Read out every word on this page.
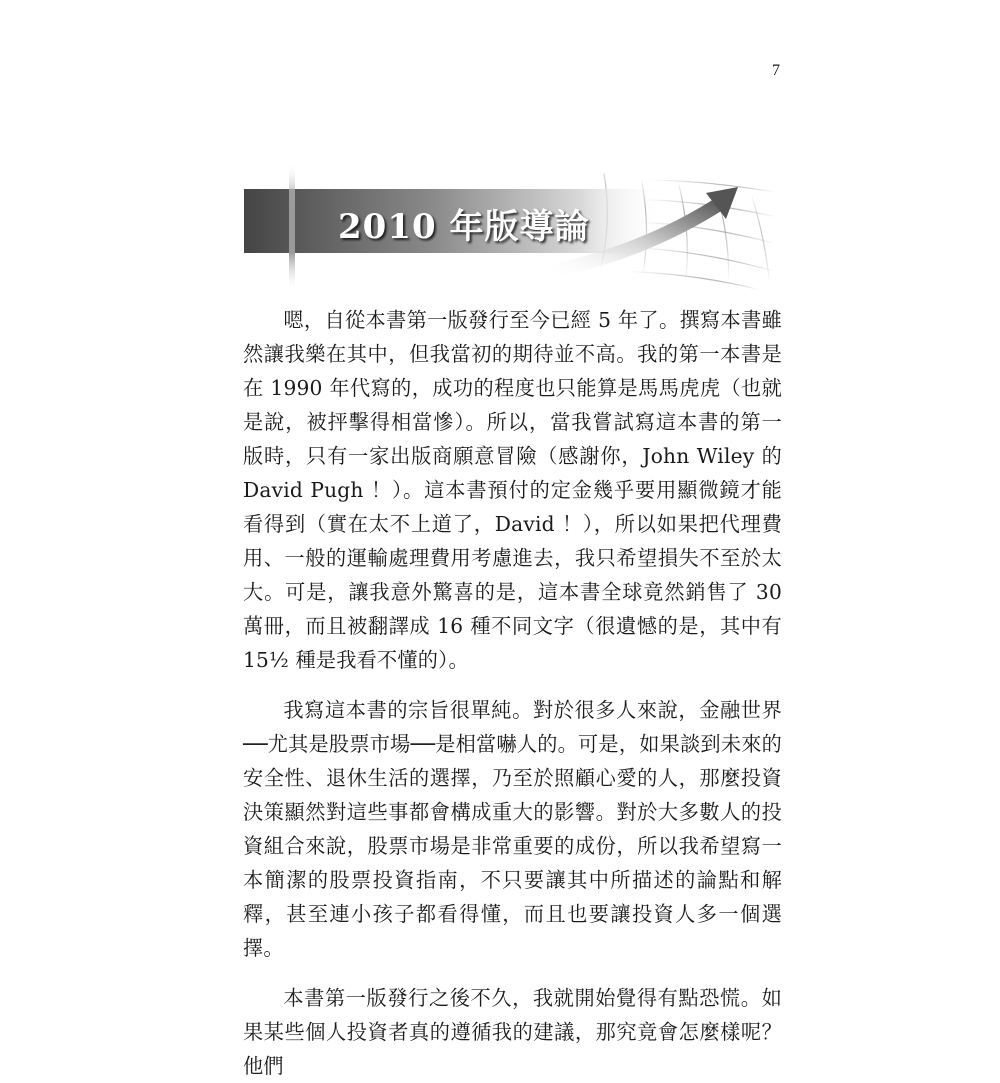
7
2010 年版導論

嗯，自從本書第一版發行至今已經 5 年了。撰寫本書雖然讓我樂在其中，但我當初的期待並不高。我的第一本書是在 1990 年代寫的，成功的程度也只能算是馬馬虎虎（也就是說，被抨擊得相當慘）。所以，當我嘗試寫這本書的第一版時，只有一家出版商願意冒險（感謝你，John Wiley 的 David Pugh ！）。這本書預付的定金幾乎要用顯微鏡才能看得到（實在太不上道了，David ！），所以如果把代理費用、一般的運輸處理費用考慮進去，我只希望損失不至於太大。可是，讓我意外驚喜的是，這本書全球竟然銷售了 30 萬冊，而且被翻譯成 16 種不同文字（很遺憾的是，其中有 15½ 種是我看不懂的）。

我寫這本書的宗旨很單純。對於很多人來說，金融世界──尤其是股票市場──是相當嚇人的。可是，如果談到未來的安全性、退休生活的選擇，乃至於照顧心愛的人，那麼投資決策顯然對這些事都會構成重大的影響。對於大多數人的投資組合來說，股票市場是非常重要的成份，所以我希望寫一本簡潔的股票投資指南，不只要讓其中所描述的論點和解釋，甚至連小孩子都看得懂，而且也要讓投資人多一個選擇。

本書第一版發行之後不久，我就開始覺得有點恐慌。如果某些個人投資者真的遵循我的建議，那究竟會怎麼樣呢？他們
